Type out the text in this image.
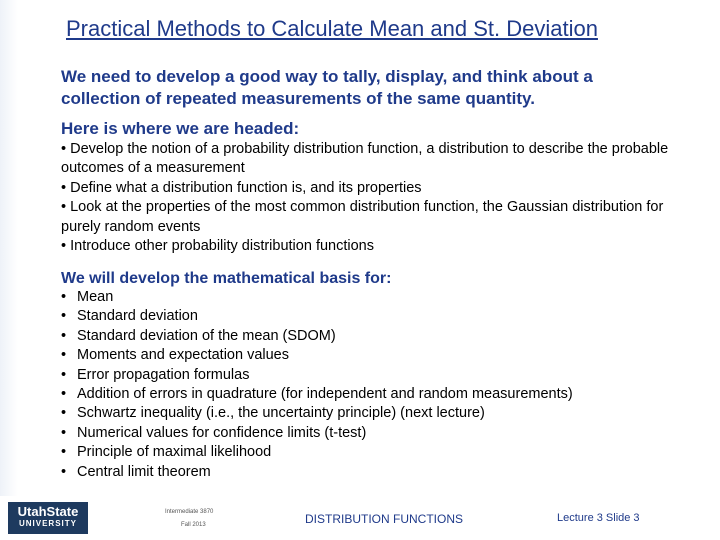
Practical Methods to Calculate Mean and St. Deviation
We need to develop a good way to tally, display, and think about a collection of repeated measurements of the same quantity.
Here is where we are headed:
• Develop the notion of a probability distribution function, a distribution to describe the probable outcomes of a measurement
• Define what a distribution function is, and its properties
• Look at the properties of the most common distribution function, the Gaussian distribution for purely random events
• Introduce other probability distribution functions
We will develop the mathematical basis for:
• Mean
• Standard deviation
• Standard deviation of the mean (SDOM)
• Moments and expectation values
• Error propagation formulas
• Addition of errors in quadrature (for independent and random measurements)
• Schwartz inequality (i.e., the uncertainty principle) (next lecture)
• Numerical values for confidence limits (t-test)
• Principle of maximal likelihood
• Central limit theorem
UtahState
UNIVERSITY
Intermediate 3870
Fall 2013	DISTRIBUTION FUNCTIONS	Lecture 3 Slide 3
